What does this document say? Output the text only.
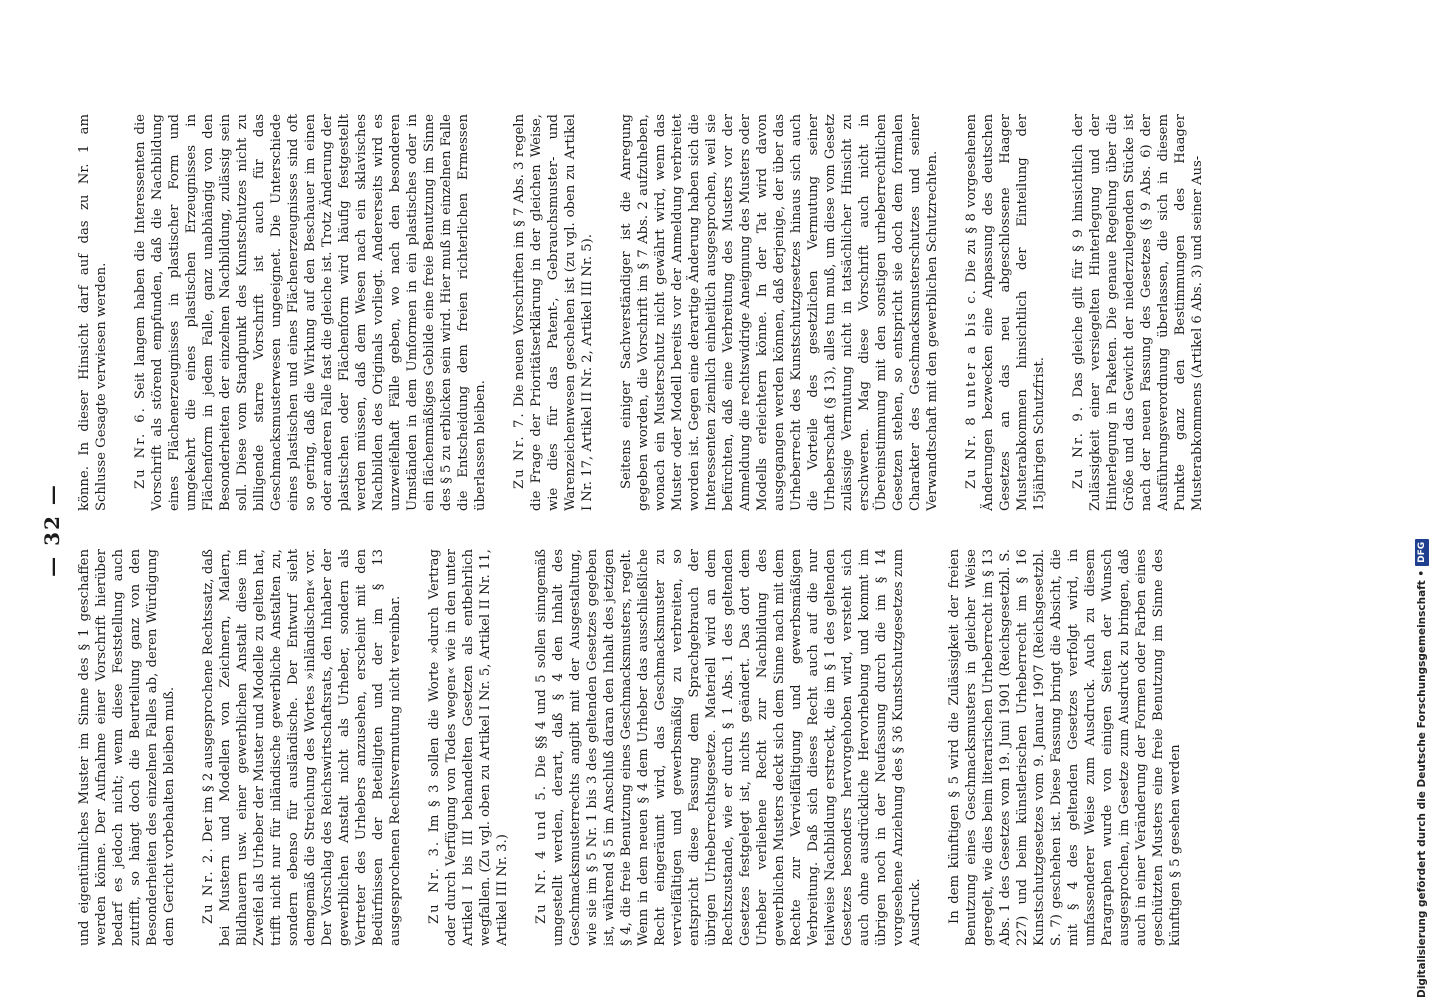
— 32 —

und eigentümliches Muster im Sinne des § 1 geschaffen werden könne. Der Aufnahme einer Vorschrift hierüber bedarf es jedoch nicht; wenn diese Feststellung auch zutrifft, so hängt doch die Beurteilung ganz von den Besonderheiten des einzelnen Falles ab, deren Würdigung dem Gericht vorbehalten bleiben muß. Zu Nr. 2. Der im § 2 ausgesprochene Rechtssatz, daß bei Mustern und Modellen von Zeichnern, Malern, Bildhauern usw. einer gewerblichen Anstalt diese im Zweifel als Urheber der Muster und Modelle zu gelten hat, trifft nicht nur für inländische gewerbliche Anstalten zu, sondern ebenso für ausländische. Der Entwurf sieht demgemäß die Streichung des Wortes »inländischen« vor. Der Vorschlag des Reichswirtschaftsrats, den Inhaber der gewerblichen Anstalt nicht als Urheber, sondern als Vertreter des Urhebers anzusehen, erscheint mit den Bedürfnissen der Beteiligten und der im § 13 ausgesprochenen Rechtsvermutung nicht vereinbar. Zu Nr. 3. Im § 3 sollen die Worte »durch Vertrag oder durch Verfügung von Todes wegen« wie in den unter Artikel I bis III behandelten Gesetzen als entbehrlich wegfallen. (Zu vgl. oben zu Artikel I Nr. 5, Artikel II Nr. 11, Artikel III Nr. 3.) Zu Nr. 4 und 5. Die §§ 4 und 5 sollen sinngemäß umgestellt werden, derart, daß § 4 den Inhalt des Geschmacksmusterrechts angibt mit der Ausgestaltung, wie sie im § 5 Nr. 1 bis 3 des geltenden Gesetzes gegeben ist, während § 5 im Anschluß daran den Inhalt des jetzigen § 4, die freie Benutzung eines Geschmacksmusters, regelt. Wenn in dem neuen § 4 dem Urheber das ausschließliche Recht eingeräumt wird, das Geschmacksmuster zu vervielfältigen und gewerbsmäßig zu verbreiten, so entspricht diese Fassung dem Sprachgebrauch der übrigen Urheberrechtsgesetze. Materiell wird an dem Rechtszustande, wie er durch § 1 Abs. 1 des geltenden Gesetzes festgelegt ist, nichts geändert. Das dort dem Urheber verliehene Recht zur Nachbildung des gewerblichen Musters deckt sich dem Sinne nach mit dem Rechte zur Vervielfältigung und gewerbsmäßigen Verbreitung. Daß sich dieses Recht auch auf die nur teilweise Nachbildung erstreckt, die im § 1 des geltenden Gesetzes besonders hervorgehoben wird, versteht sich auch ohne ausdrückliche Hervorhebung und kommt im übrigen noch in der Neufassung durch die im § 14 vorgesehene Anziehung des § 36 Kunstschutzgesetzes zum Ausdruck. In dem künftigen § 5 wird die Zulässigkeit der freien Benutzung eines Geschmacksmusters in gleicher Weise geregelt, wie dies beim literarischen Urheberrecht im § 13 Abs. 1 des Gesetzes vom 19. Juni 1901 (Reichsgesetzbl. S. 227) und beim künstlerischen Urheberrecht im § 16 Kunstschutzgesetzes vom 9. Januar 1907 (Reichsgesetzbl. S. 7) geschehen ist. Diese Fassung bringt die Absicht, die mit § 4 des geltenden Gesetzes verfolgt wird, in umfassenderer Weise zum Ausdruck. Auch zu diesem Paragraphen wurde von einigen Seiten der Wunsch ausgesprochen, im Gesetze zum Ausdruck zu bringen, daß auch in einer Veränderung der Formen oder Farben eines geschützten Musters eine freie Benutzung im Sinne des künftigen § 5 gesehen werden

könne. In dieser Hinsicht darf auf das zu Nr. 1 am Schlusse Gesagte verwiesen werden. Zu Nr. 6. Seit langem haben die Interessenten die Vorschrift als störend empfunden, daß die Nachbildung eines Flächenerzeugnisses in plastischer Form und umgekehrt die eines plastischen Erzeugnisses in Flächenform in jedem Falle, ganz unabhängig von den Besonderheiten der einzelnen Nachbildung, zulässig sein soll. Diese vom Standpunkt des Kunstschutzes nicht zu billigende starre Vorschrift ist auch für das Geschmacksmusterwesen ungeeignet. Die Unterschiede eines plastischen und eines Flächenerzeugnisses sind oft so gering, daß die Wirkung auf den Beschauer im einen oder anderen Falle fast die gleiche ist. Trotz Änderung der plastischen oder Flächenform wird häufig festgestellt werden müssen, daß dem Wesen nach ein sklavisches Nachbilden des Originals vorliegt. Andererseits wird es unzweifelhaft Fälle geben, wo nach den besonderen Umständen in dem Umformen in ein plastisches oder in ein flächenmäßiges Gebilde eine freie Benutzung im Sinne des § 5 zu erblicken sein wird. Hier muß im einzelnen Falle die Entscheidung dem freien richterlichen Ermessen überlassen bleiben. Zu Nr. 7. Die neuen Vorschriften im § 7 Abs. 3 regeln die Frage der Prioritätserklärung in der gleichen Weise, wie dies für das Patent-, Gebrauchsmuster- und Warenzeichenwesen geschehen ist (zu vgl. oben zu Artikel I Nr. 17, Artikel II Nr. 2, Artikel III Nr. 5). Seitens einiger Sachverständiger ist die Anregung gegeben worden, die Vorschrift im § 7 Abs. 2 aufzuheben, wonach ein Musterschutz nicht gewährt wird, wenn das Muster oder Modell bereits vor der Anmeldung verbreitet worden ist. Gegen eine derartige Änderung haben sich die Interessenten ziemlich einheitlich ausgesprochen, weil sie befürchten, daß eine Verbreitung des Musters vor der Anmeldung die rechtswidrige Aneignung des Musters oder Modells erleichtern könne. In der Tat wird davon ausgegangen werden können, daß derjenige, der über das Urheberrecht des Kunstschutzgesetzes hinaus sich auch die Vorteile des gesetzlichen Vermutung seiner Urheberschaft (§ 13), alles tun muß, um diese vom Gesetz zulässige Vermutung nicht in tatsächlicher Hinsicht zu erschweren. Mag diese Vorschrift auch nicht in Übereinstimmung mit den sonstigen urheberrechtlichen Gesetzen stehen, so entspricht sie doch dem formalen Charakter des Geschmacksmusterschutzes und seiner Verwandtschaft mit den gewerblichen Schutzrechten. Zu Nr. 8 unter a bis c. Die zu § 8 vorgesehenen Änderungen bezwecken eine Anpassung des deutschen Gesetzes an das neu abgeschlossene Haager Musterabkommen hinsichtlich der Einteilung der 15jährigen Schutzfrist. Zu Nr. 9. Das gleiche gilt für § 9 hinsichtlich der Zulässigkeit einer versiegelten Hinterlegung und der Hinterlegung in Paketen. Die genaue Regelung über die Größe und das Gewicht der niederzulegenden Stücke ist nach der neuen Fassung des Gesetzes (§ 9 Abs. 6) der Ausführungsverordnung überlassen, die sich in diesem Punkte ganz den Bestimmungen des Haager Musterabkommens (Artikel 6 Abs. 3) und seiner Aus-

Digitalisierung gefördert durch die Deutsche Forschungsgemeinschaft •
DFG
